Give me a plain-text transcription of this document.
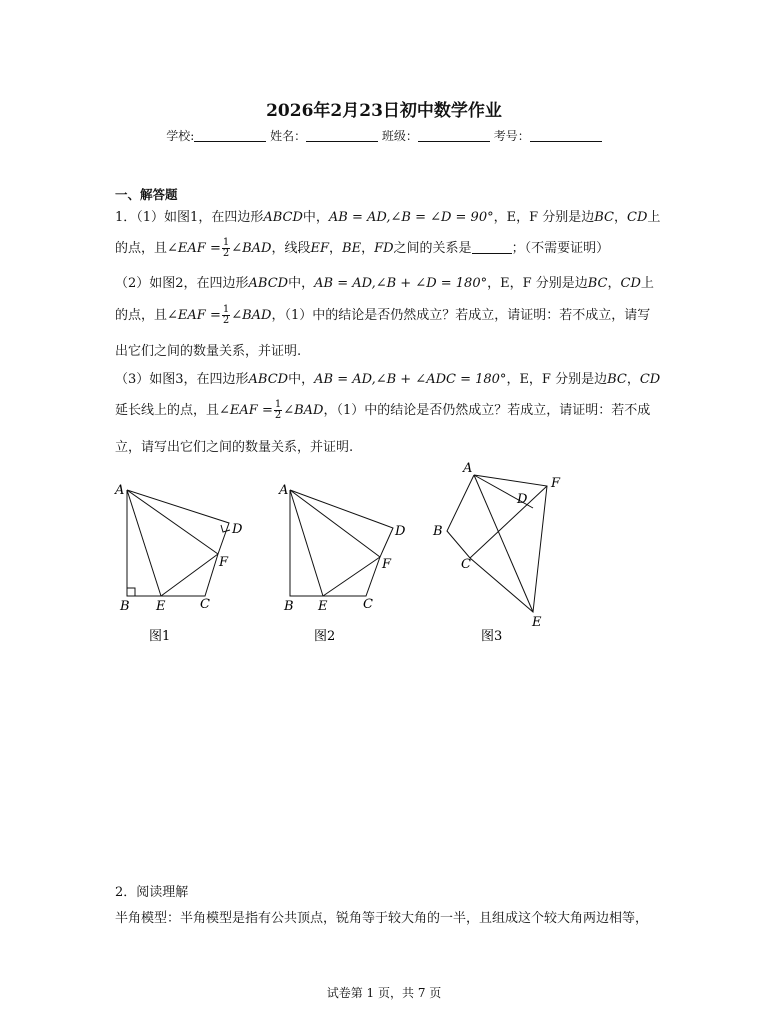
2026年2月23日初中数学作业
学校:	姓名：	班级：	考号：
一、解答题
1．（1）如图1，在四边形ABCD中，AB = AD,∠B = ∠D = 90°，E，F 分别是边BC，CD上
的点，且∠EAF = $\frac{1}{2}$ ∠BAD，线段EF，BE，FD之间的关系是	；（不需要证明）
（2）如图2，在四边形ABCD中，AB = AD,∠B + ∠D = 180°，E，F 分别是边BC，CD上
的点，且∠EAF = $\frac{1}{2}$ ∠BAD，（1）中的结论是否仍然成立？若成立，请证明：若不成立，请写
出它们之间的数量关系，并证明.
（3）如图3，在四边形ABCD中，AB = AD,∠B + ∠ADC = 180°，E，F 分别是边BC，CD
延长线上的点，且∠EAF = $\frac{1}{2}$ ∠BAD，（1）中的结论是否仍然成立？若成立，请证明：若不成
立，请写出它们之间的数量关系，并证明.
A
B	C
D
E
F
图1
A
B	C
D
E
F
图2
A
B
C
D
E
F
图3
2．阅读理解
半角模型：半角模型是指有公共顶点，锐角等于较大角的一半，且组成这个较大角两边相等，
试卷第 1 页，共 7 页
